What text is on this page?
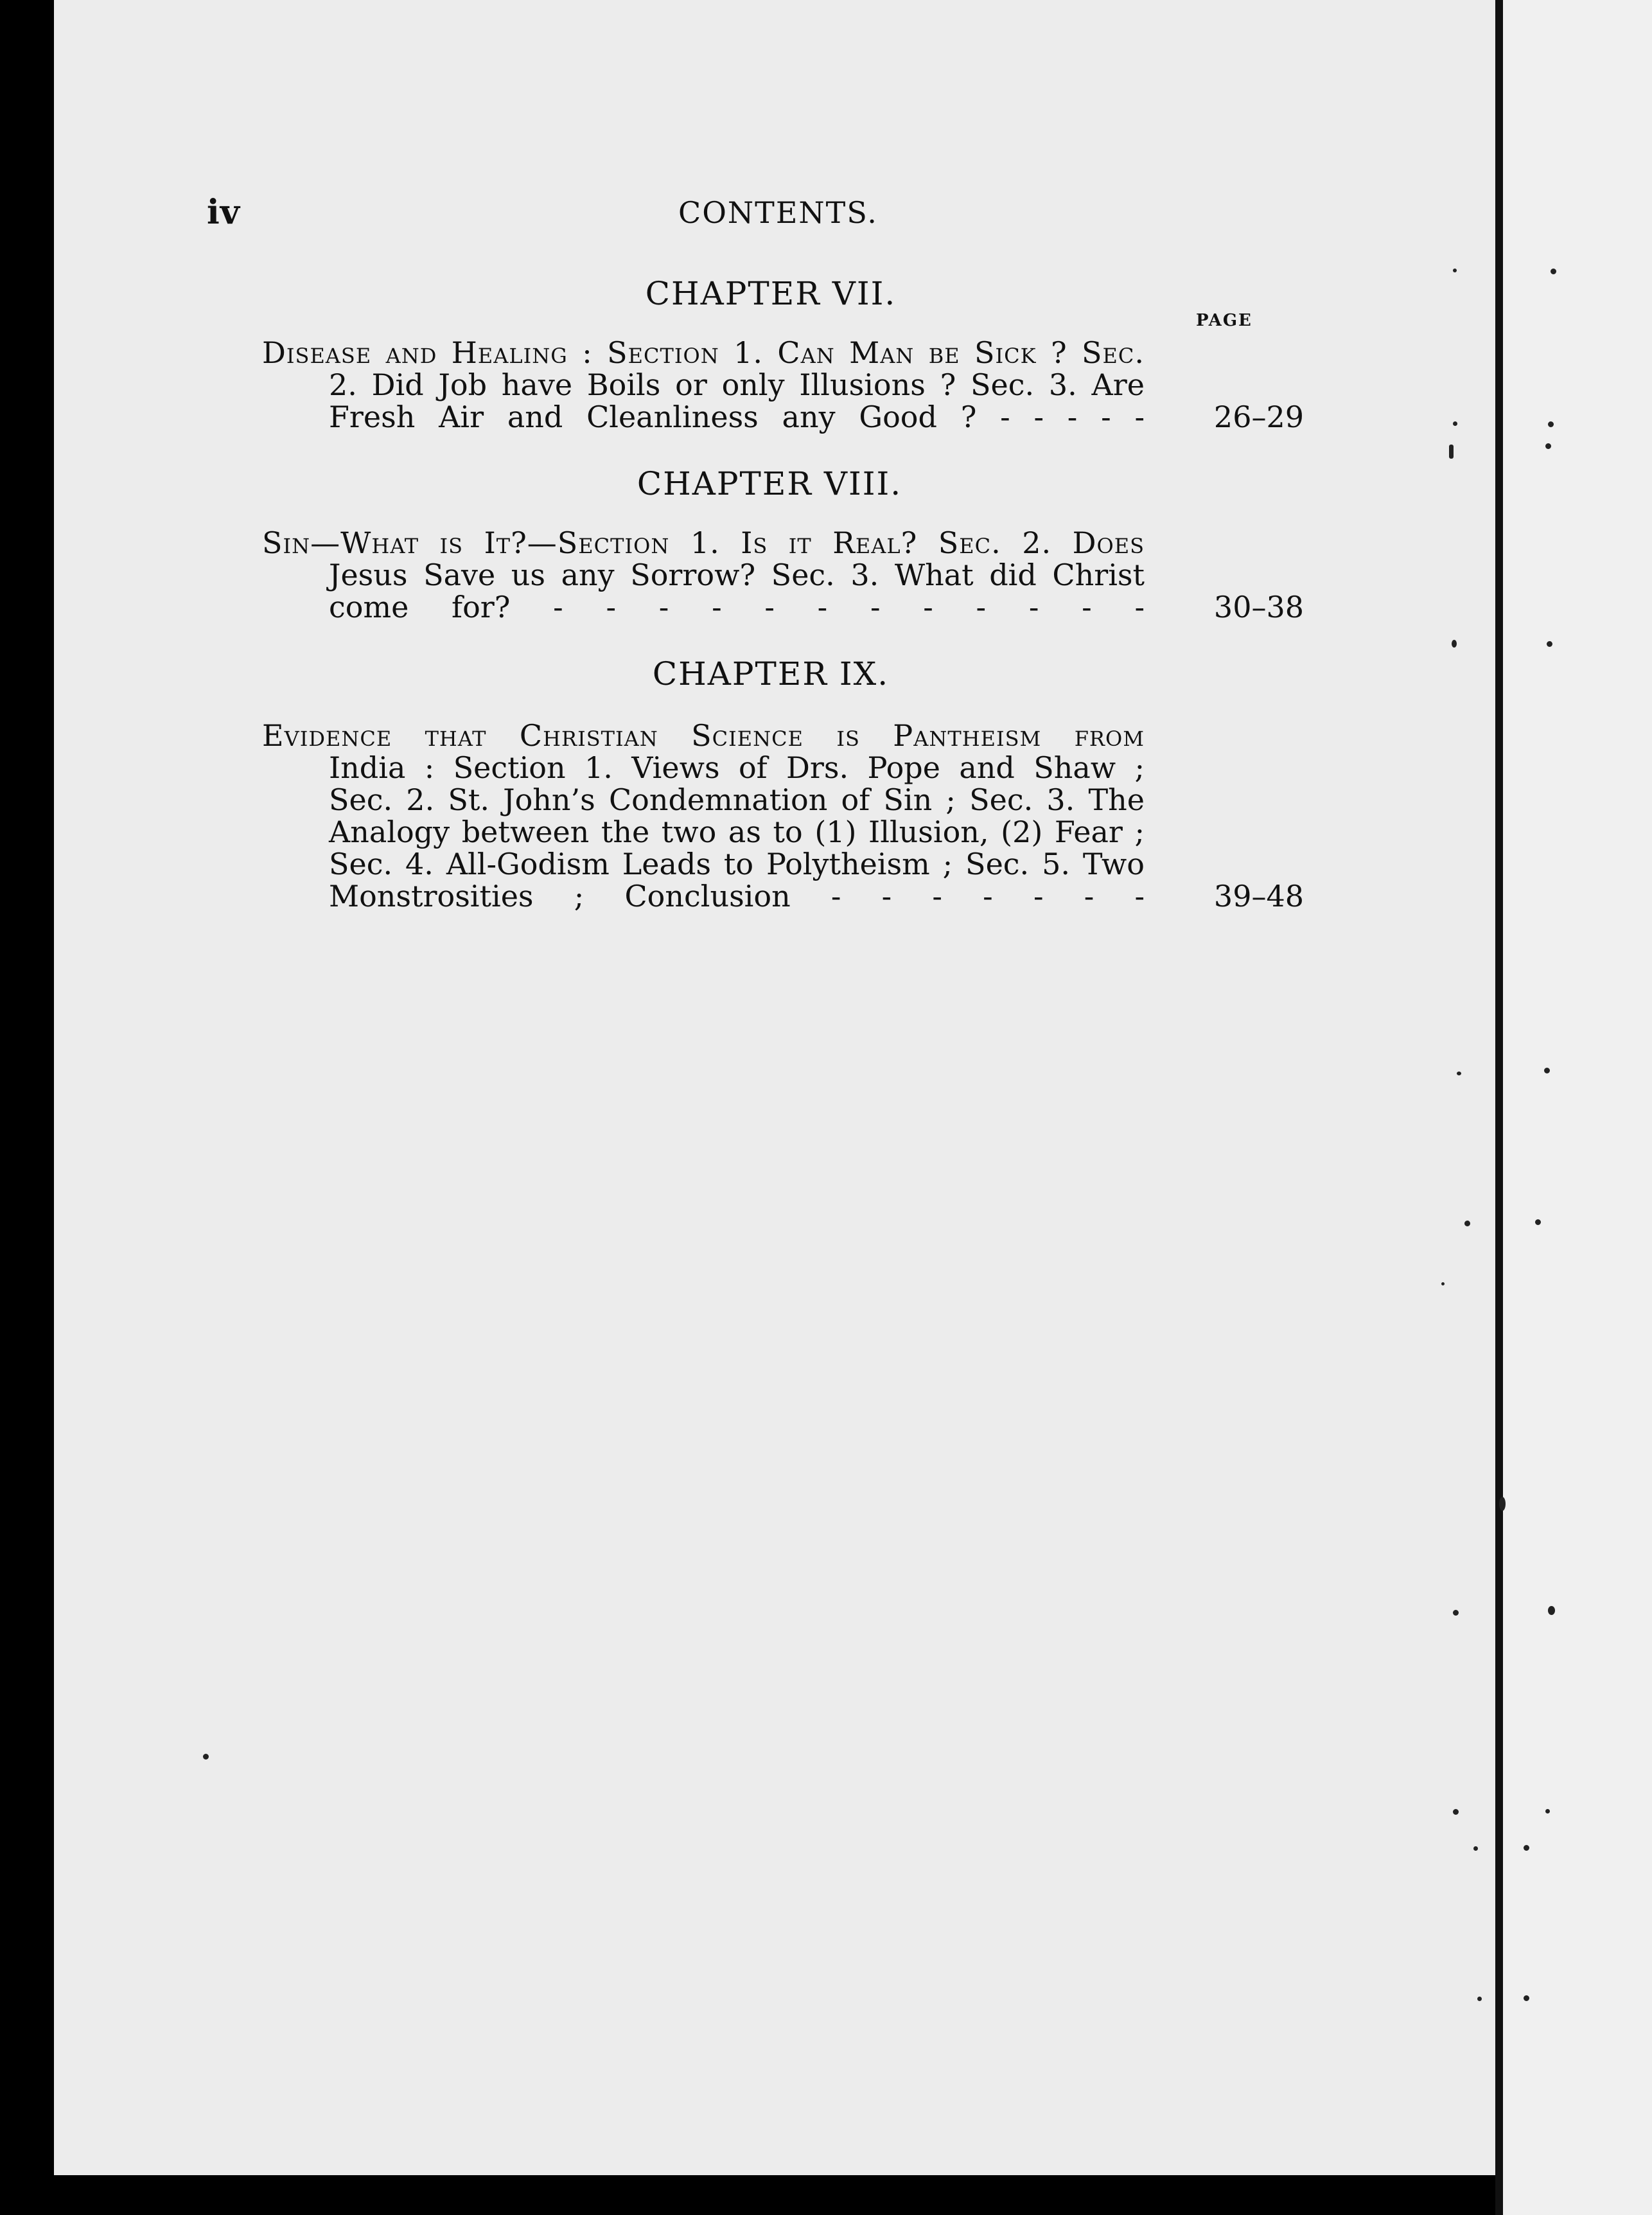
iv	CONTENTS.
CHAPTER VII.
PAGE
Disease and Healing : Section 1. Can Man be Sick ? Sec.
2. Did Job have Boils or only Illusions ? Sec. 3. Are
Fresh Air and Cleanliness any Good ? - - - - - 26–29
CHAPTER VIII.
Sin—What is It?—Section 1. Is it Real? Sec. 2. Does
Jesus Save us any Sorrow? Sec. 3. What did Christ
come for? - - - - - - - - - - - - 30–38
CHAPTER IX.
Evidence that Christian Science is Pantheism from
India : Section 1. Views of Drs. Pope and Shaw ;
Sec. 2. St. John’s Condemnation of Sin ; Sec. 3. The
Analogy between the two as to (1) Illusion, (2) Fear ;
Sec. 4. All-Godism Leads to Polytheism ; Sec. 5. Two
Monstrosities ; Conclusion - - - - - - - 39–48
